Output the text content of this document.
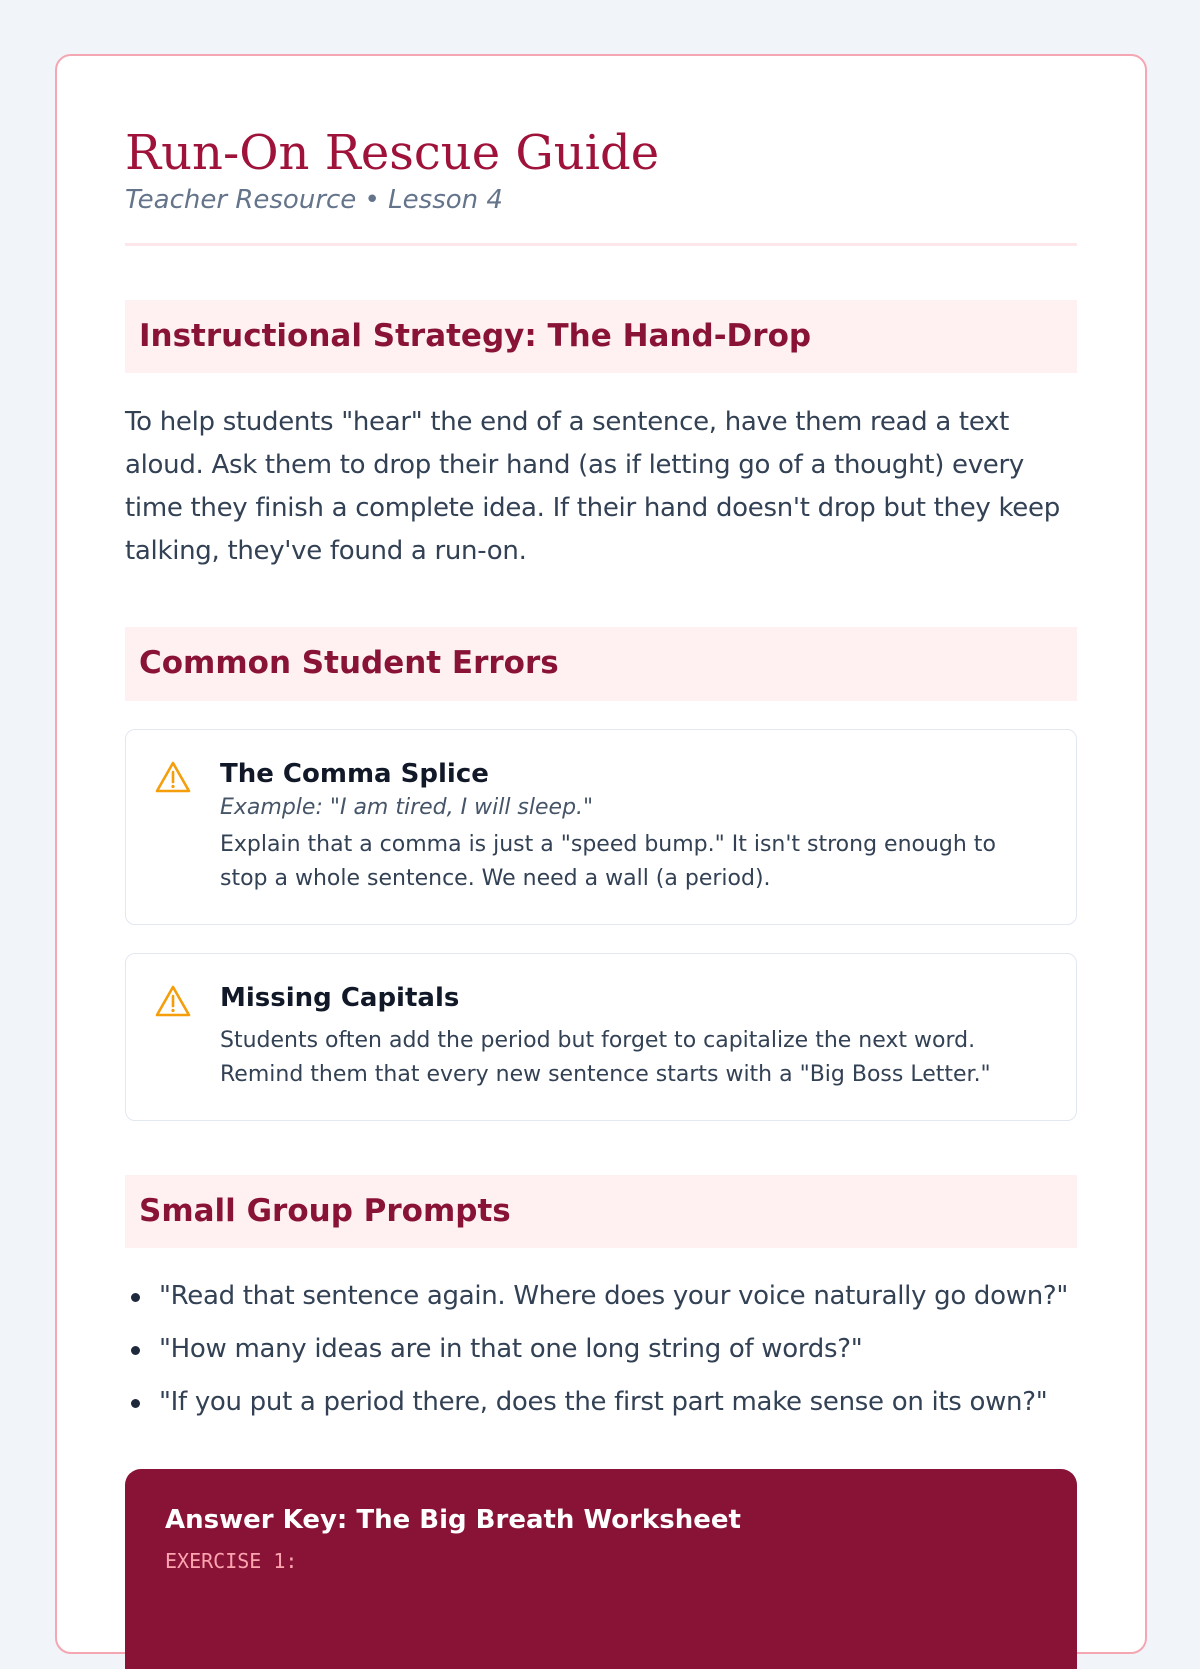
Run-On Rescue Guide
Teacher Resource • Lesson 4
Instructional Strategy: The Hand-Drop

To help students "hear" the end of a sentence, have them read a text aloud. Ask them to drop their hand (as if letting go of a thought) every time they finish a complete idea. If their hand doesn't drop but they keep talking, they've found a run-on.

Common Student Errors
The Comma Splice
Example: "I am tired, I will sleep."
Explain that a comma is just a "speed bump." It isn't strong enough to stop a whole sentence. We need a wall (a period).
Missing Capitals
Students often add the period but forget to capitalize the next word. Remind them that every new sentence starts with a "Big Boss Letter."
Small Group Prompts
"Read that sentence again. Where does your voice naturally go down?"
"How many ideas are in that one long string of words?"
"If you put a period there, does the first part make sense on its own?"
Answer Key: The Big Breath Worksheet
EXERCISE 1:
